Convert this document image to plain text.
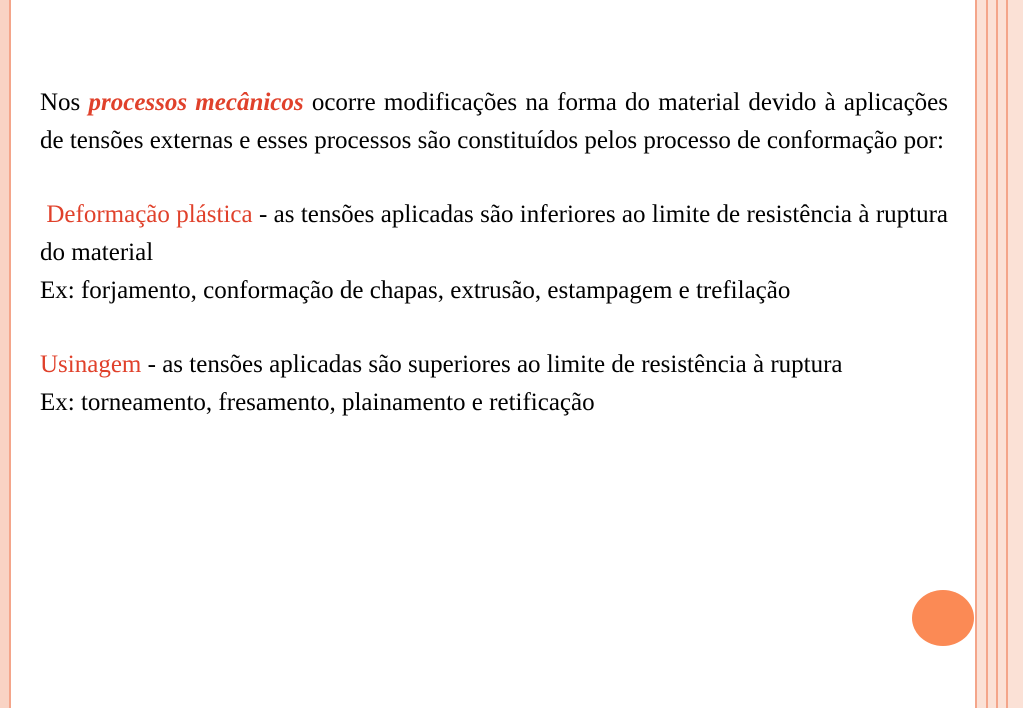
Nos processos mecânicos ocorre modificações na forma do material devido à aplicações de tensões externas e esses processos são constituídos pelos processo de conformação por:

Deformação plástica - as tensões aplicadas são inferiores ao limite de resistência à ruptura do material

Ex: forjamento, conformação de chapas, extrusão, estampagem e trefilação

Usinagem - as tensões aplicadas são superiores ao limite de resistência à ruptura

Ex: torneamento, fresamento, plainamento e retificação
